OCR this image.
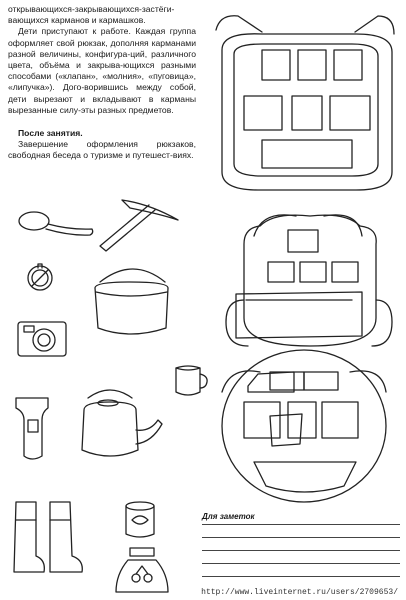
открывающихся-закрывающихся-застёги-вающихся карманов и кармашков.

Дети приступают к работе. Каждая группа оформляет свой рюкзак, дополняя карманами разной величины, конфигура-ций, различного цвета, объёма и закрыва-ющихся разными способами («клапан», «молния», «пуговица», «липучка»). Дого-ворившись между собой, дети вырезают и вкладывают в карманы вырезанные силу-эты разных предметов.

После занятия.

Завершение оформления рюкзаков, свободная беседа о туризме и путешест-виях.

Для заметок
http://www.liveinternet.ru/users/2709653/
